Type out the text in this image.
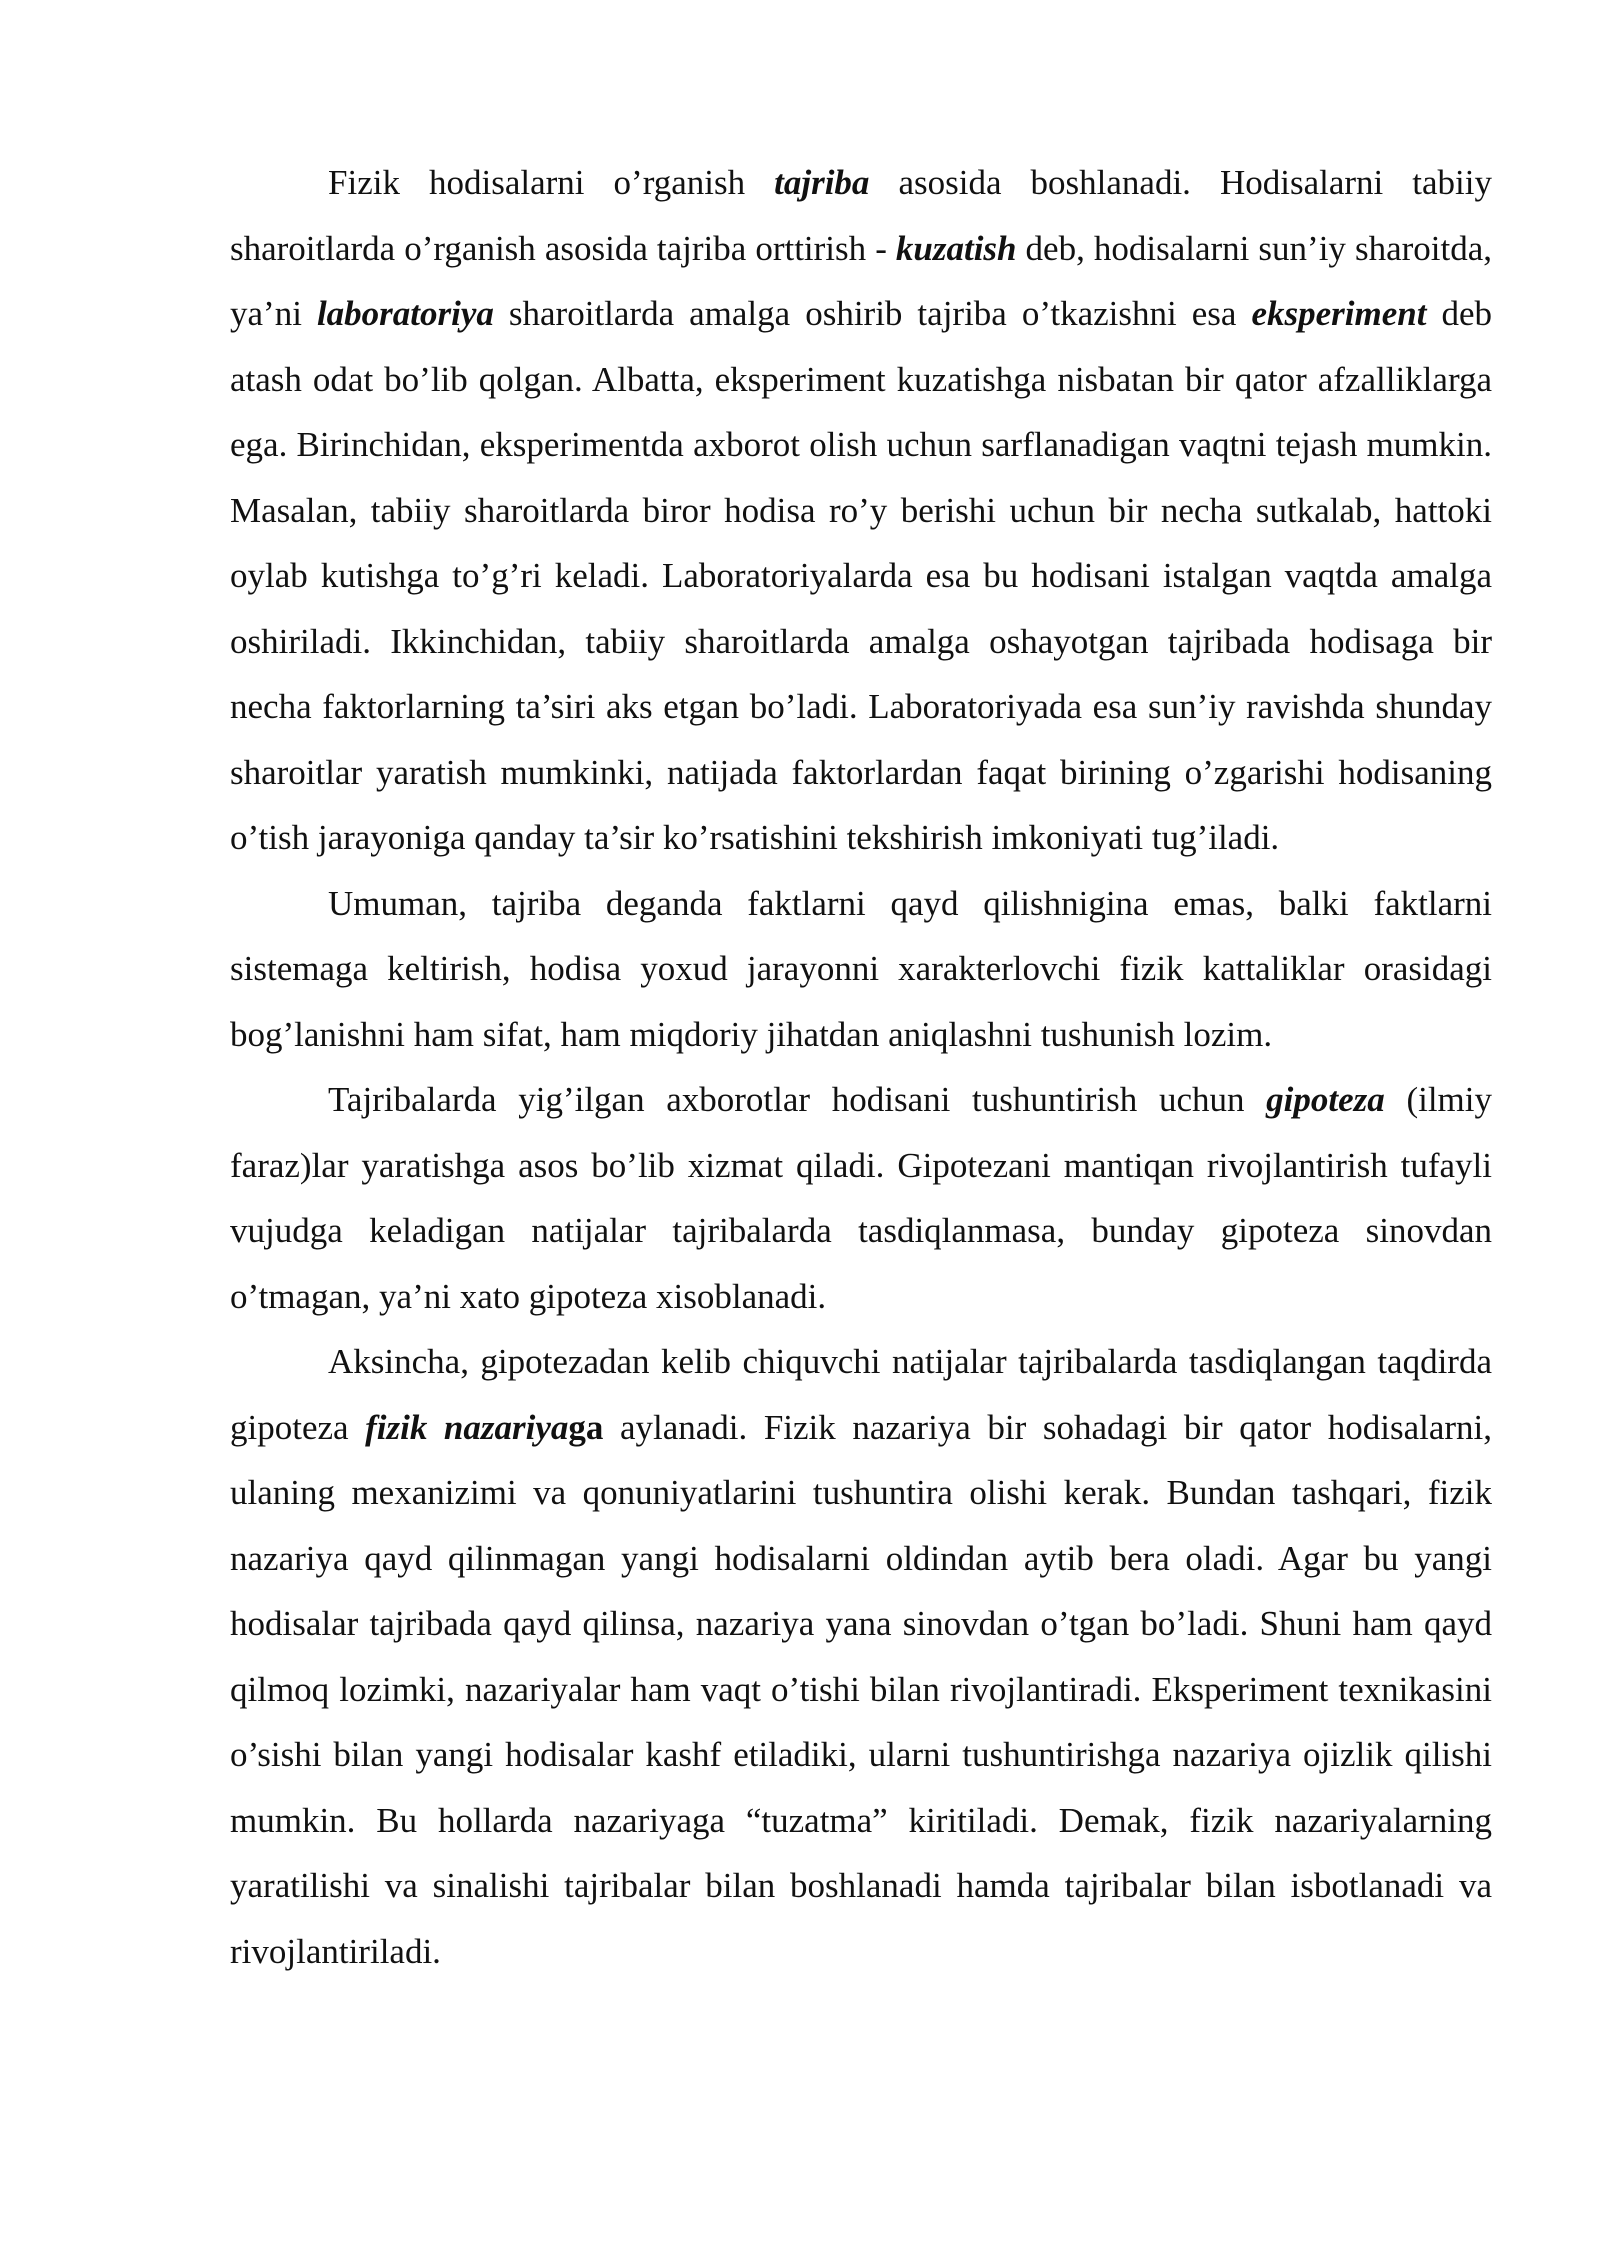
Fizik hodisalarni o’rganish tajriba asosida boshlanadi. Hodisalarni tabiiy sharoitlarda o’rganish asosida tajriba orttirish - kuzatish deb, hodisalarni sun’iy sharoitda, ya’ni laboratoriya sharoitlarda amalga oshirib tajriba o’tkazishni esa eksperiment deb atash odat bo’lib qolgan. Albatta, eksperiment kuzatishga nisbatan bir qator afzalliklarga ega. Birinchidan, eksperimentda axborot olish uchun sarflanadigan vaqtni tejash mumkin. Masalan, tabiiy sharoitlarda biror hodisa ro’y berishi uchun bir necha sutkalab, hattoki oylab kutishga to’g’ri keladi. Laboratoriyalarda esa bu hodisani istalgan vaqtda amalga oshiriladi. Ikkinchidan, tabiiy sharoitlarda amalga oshayotgan tajribada hodisaga bir necha faktorlarning ta’siri aks etgan bo’ladi. Laboratoriyada esa sun’iy ravishda shunday sharoitlar yaratish mumkinki, natijada faktorlardan faqat birining o’zgarishi hodisaning o’tish jarayoniga qanday ta’sir ko’rsatishini tekshirish imkoniyati tug’iladi.

Umuman, tajriba deganda faktlarni qayd qilishnigina emas, balki faktlarni sistemaga keltirish, hodisa yoxud jarayonni xarakterlovchi fizik kattaliklar orasidagi bog’lanishni ham sifat, ham miqdoriy jihatdan aniqlashni tushunish lozim.

Tajribalarda yig’ilgan axborotlar hodisani tushuntirish uchun gipoteza (ilmiy faraz)lar yaratishga asos bo’lib xizmat qiladi. Gipotezani mantiqan rivojlantirish tufayli vujudga keladigan natijalar tajribalarda tasdiqlanmasa, bunday gipoteza sinovdan o’tmagan, ya’ni xato gipoteza xisoblanadi.

Aksincha, gipotezadan kelib chiquvchi natijalar tajribalarda tasdiqlangan taqdirda gipoteza fizik nazariyaga aylanadi. Fizik nazariya bir sohadagi bir qator hodisalarni, ulaning mexanizimi va qonuniyatlarini tushuntira olishi kerak. Bundan tashqari, fizik nazariya qayd qilinmagan yangi hodisalarni oldindan aytib bera oladi. Agar bu yangi hodisalar tajribada qayd qilinsa, nazariya yana sinovdan o’tgan bo’ladi. Shuni ham qayd qilmoq lozimki, nazariyalar ham vaqt o’tishi bilan rivojlantiradi. Eksperiment texnikasini o’sishi bilan yangi hodisalar kashf etiladiki, ularni tushuntirishga nazariya ojizlik qilishi mumkin. Bu hollarda nazariyaga “tuzatma” kiritiladi. Demak, fizik nazariyalarning yaratilishi va sinalishi tajribalar bilan boshlanadi hamda tajribalar bilan isbotlanadi va rivojlantiriladi.
